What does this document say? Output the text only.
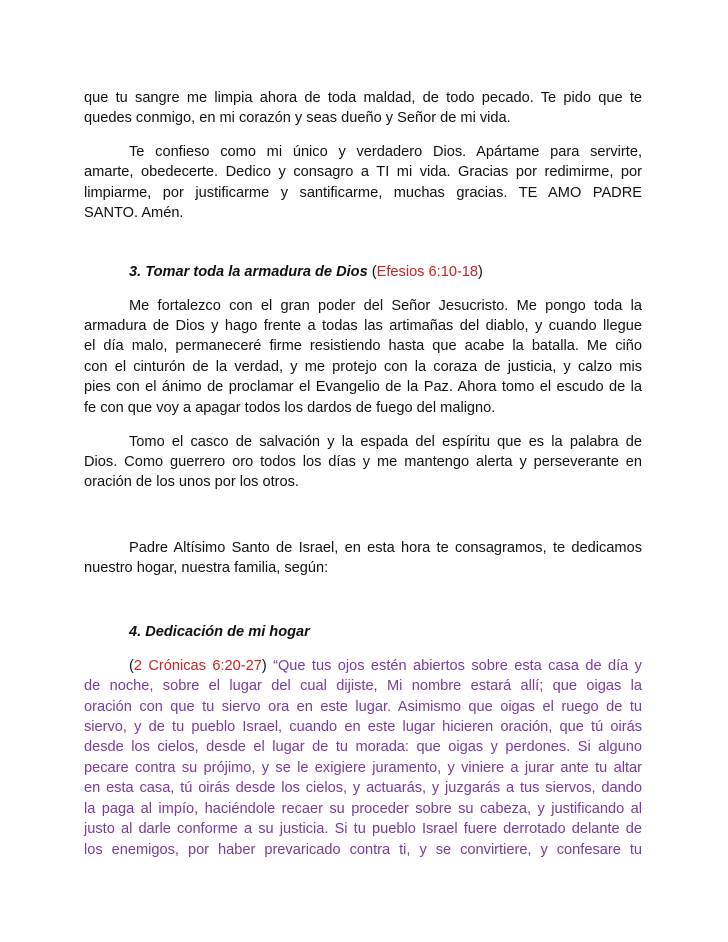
que tu sangre me limpia ahora de toda maldad, de todo pecado. Te pido que te
quedes conmigo, en mi corazón y seas dueño y Señor de mi vida.
Te confieso como mi único y verdadero Dios. Apártame para servirte,
amarte, obedecerte. Dedico y consagro a TI mi vida. Gracias por redimirme, por
limpiarme, por justificarme y santificarme, muchas gracias. TE AMO PADRE
SANTO. Amén.
3. Tomar toda la armadura de Dios (Efesios 6:10-18)
Me fortalezco con el gran poder del Señor Jesucristo. Me pongo toda la
armadura de Dios y hago frente a todas las artimañas del diablo, y cuando llegue
el día malo, permaneceré firme resistiendo hasta que acabe la batalla. Me ciño
con el cinturón de la verdad, y me protejo con la coraza de justicia, y calzo mis
pies con el ánimo de proclamar el Evangelio de la Paz. Ahora tomo el escudo de la
fe con que voy a apagar todos los dardos de fuego del maligno.
Tomo el casco de salvación y la espada del espíritu que es la palabra de
Dios. Como guerrero oro todos los días y me mantengo alerta y perseverante en
oración de los unos por los otros.
Padre Altísimo Santo de Israel, en esta hora te consagramos, te dedicamos
nuestro hogar, nuestra familia, según:
4. Dedicación de mi hogar
(2 Crónicas 6:20-27) “Que tus ojos estén abiertos sobre esta casa de día y
de noche, sobre el lugar del cual dijiste, Mi nombre estará allí; que oigas la
oración con que tu siervo ora en este lugar. Asimismo que oigas el ruego de tu
siervo, y de tu pueblo Israel, cuando en este lugar hicieren oración, que tú oirás
desde los cielos, desde el lugar de tu morada: que oigas y perdones. Si alguno
pecare contra su prójimo, y se le exigiere juramento, y viniere a jurar ante tu altar
en esta casa, tú oirás desde los cielos, y actuarás, y juzgarás a tus siervos, dando
la paga al impío, haciéndole recaer su proceder sobre su cabeza, y justificando al
justo al darle conforme a su justicia. Si tu pueblo Israel fuere derrotado delante de
los enemigos, por haber prevaricado contra ti, y se convirtiere, y confesare tu
